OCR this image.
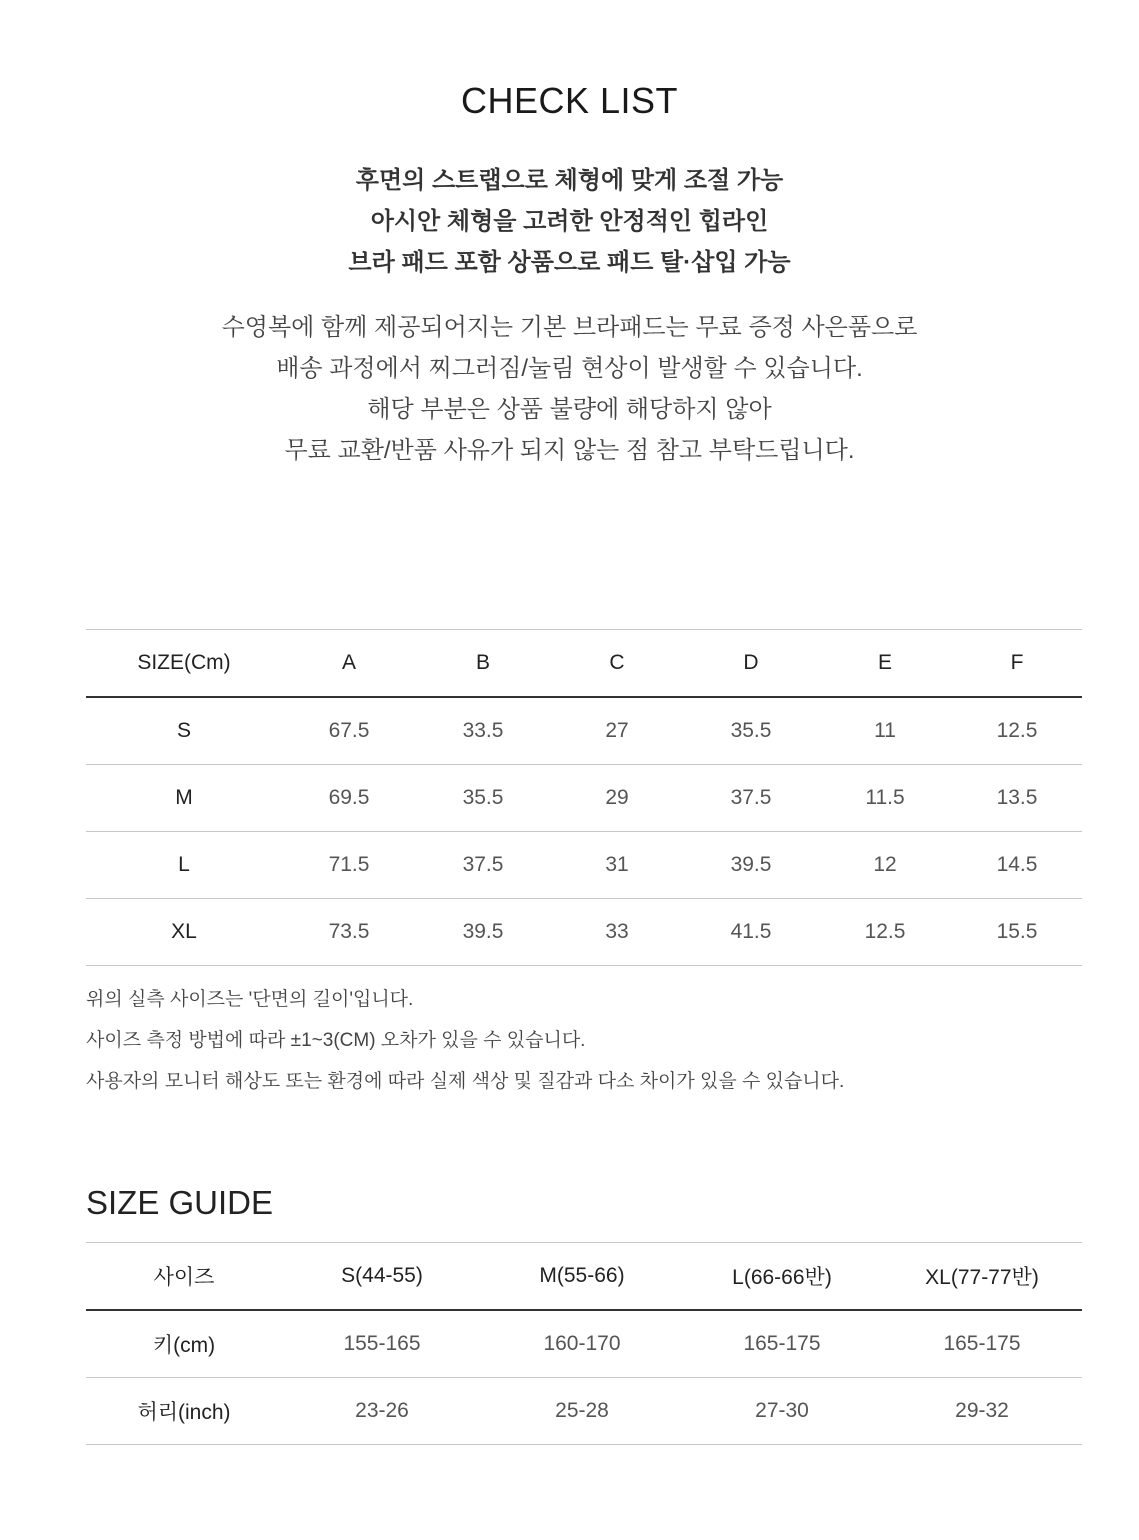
CHECK LIST
후면의 스트랩으로 체형에 맞게 조절 가능
아시안 체형을 고려한 안정적인 힙라인
브라 패드 포함 상품으로 패드 탈·삽입 가능
수영복에 함께 제공되어지는 기본 브라패드는 무료 증정 사은품으로
배송 과정에서 찌그러짐/눌림 현상이 발생할 수 있습니다.
해당 부분은 상품 불량에 해당하지 않아
무료 교환/반품 사유가 되지 않는 점 참고 부탁드립니다.
SIZE(Cm)	A	B	C	D	E	F
S	67.5	33.5	27	35.5	11	12.5
M	69.5	35.5	29	37.5	11.5	13.5
L	71.5	37.5	31	39.5	12	14.5
XL	73.5	39.5	33	41.5	12.5	15.5
위의 실측 사이즈는 '단면의 길이'입니다.
사이즈 측정 방법에 따라 ±1~3(CM) 오차가 있을 수 있습니다.
사용자의 모니터 해상도 또는 환경에 따라 실제 색상 및 질감과 다소 차이가 있을 수 있습니다.
SIZE GUIDE
사이즈	S(44-55)	M(55-66)	L(66-66반)	XL(77-77반)
키(cm)	155-165	160-170	165-175	165-175
허리(inch)	23-26	25-28	27-30	29-32
